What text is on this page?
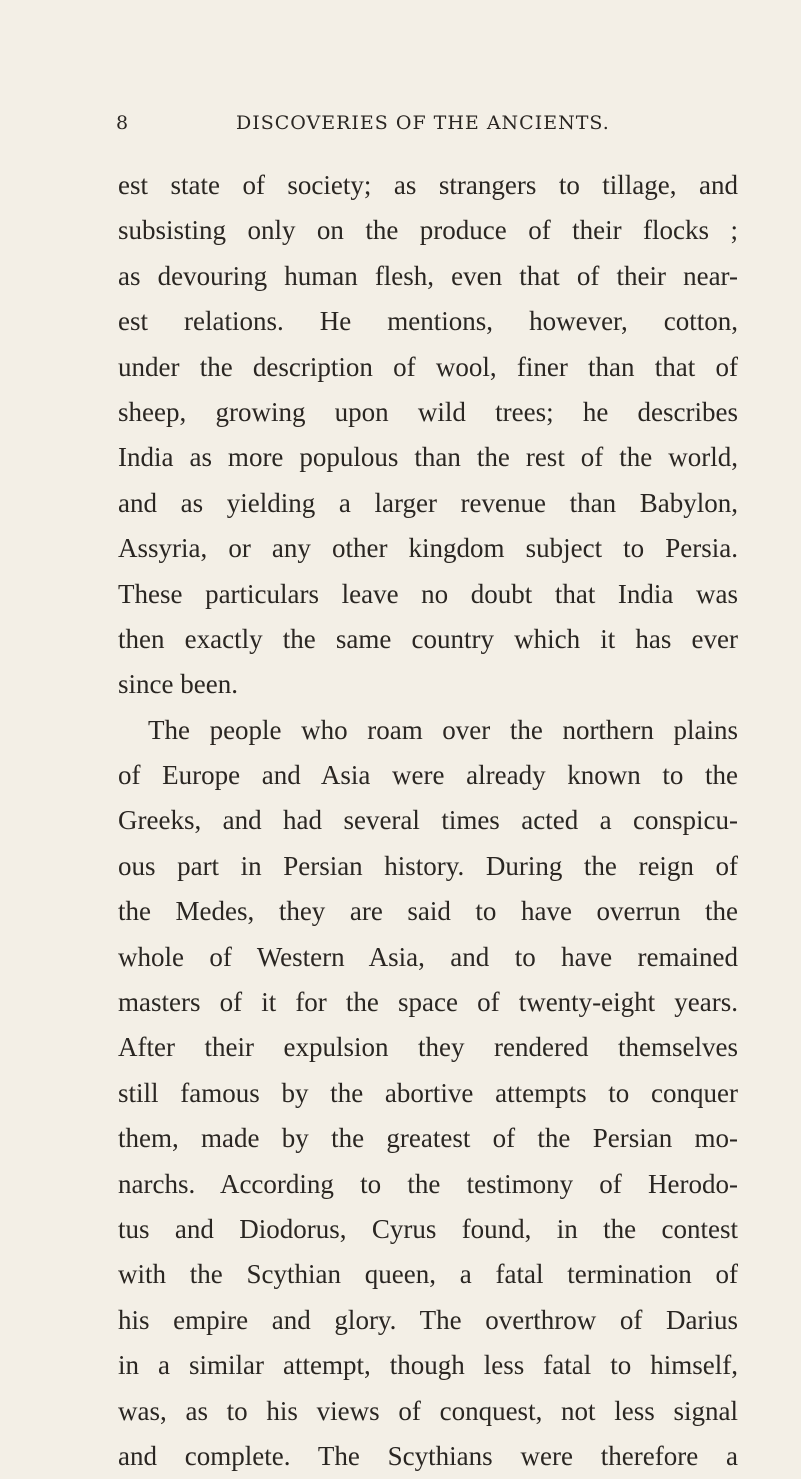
8	DISCOVERIES OF THE ANCIENTS.
est state of society; as strangers to tillage, and
subsisting only on the produce of their flocks ;
as devouring human flesh, even that of their near-
est relations. He mentions, however, cotton,
under the description of wool, finer than that of
sheep, growing upon wild trees; he describes
India as more populous than the rest of the world,
and as yielding a larger revenue than Babylon,
Assyria, or any other kingdom subject to Persia.
These particulars leave no doubt that India was
then exactly the same country which it has ever
since been.
The people who roam over the northern plains
of Europe and Asia were already known to the
Greeks, and had several times acted a conspicu-
ous part in Persian history. During the reign of
the Medes, they are said to have overrun the
whole of Western Asia, and to have remained
masters of it for the space of twenty-eight years.
After their expulsion they rendered themselves
still famous by the abortive attempts to conquer
them, made by the greatest of the Persian mo-
narchs. According to the testimony of Herodo-
tus and Diodorus, Cyrus found, in the contest
with the Scythian queen, a fatal termination of
his empire and glory. The overthrow of Darius
in a similar attempt, though less fatal to himself,
was, as to his views of conquest, not less signal
and complete. The Scythians were therefore a
